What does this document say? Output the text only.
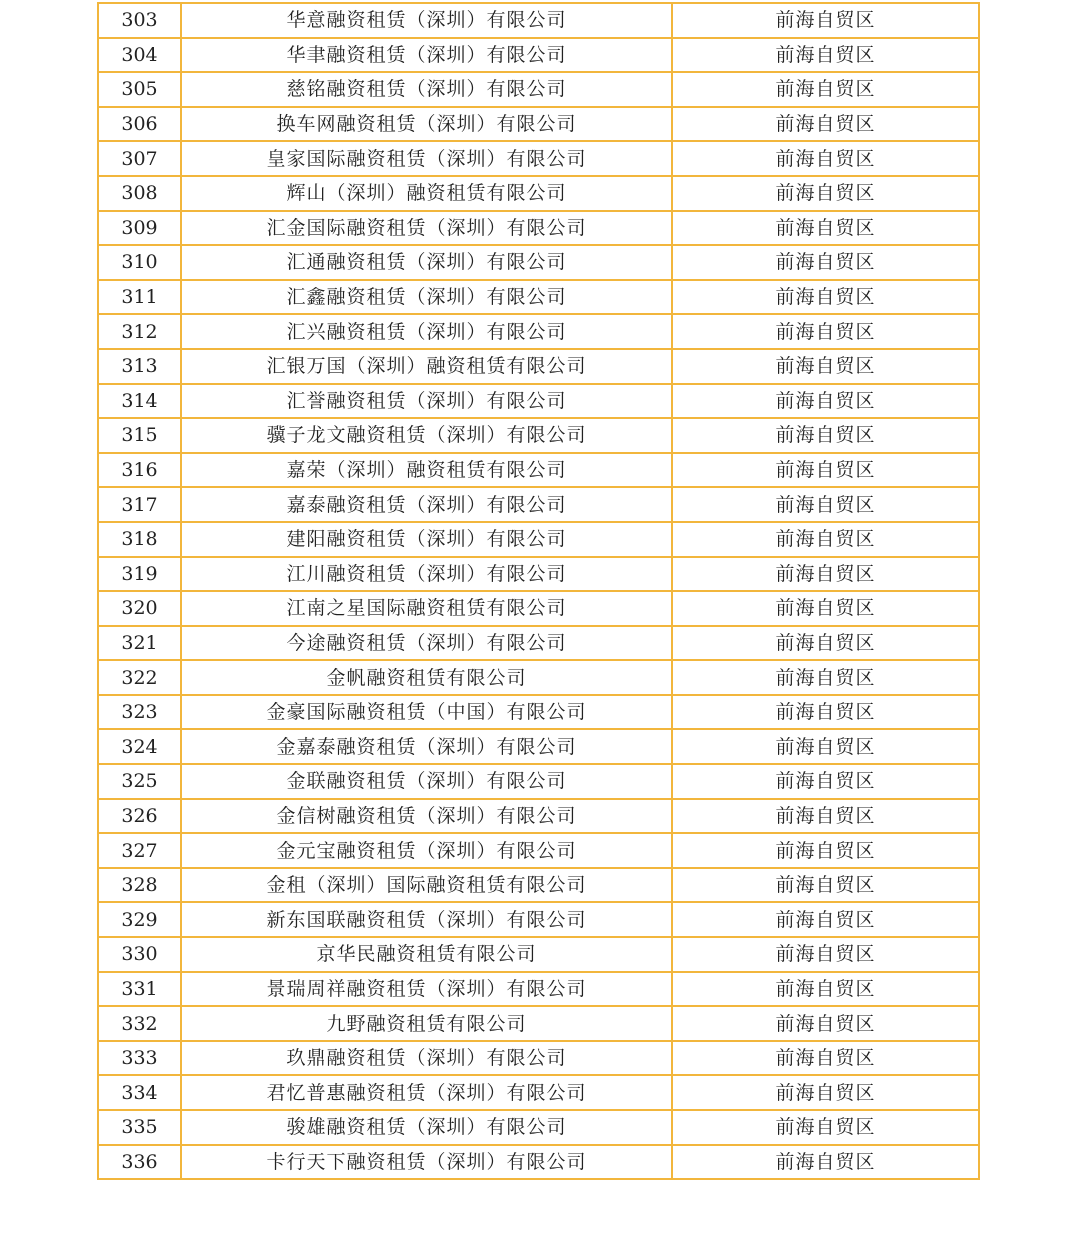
303	华意融资租赁（深圳）有限公司	前海自贸区
304	华聿融资租赁（深圳）有限公司	前海自贸区
305	慈铭融资租赁（深圳）有限公司	前海自贸区
306	换车网融资租赁（深圳）有限公司	前海自贸区
307	皇家国际融资租赁（深圳）有限公司	前海自贸区
308	辉山（深圳）融资租赁有限公司	前海自贸区
309	汇金国际融资租赁（深圳）有限公司	前海自贸区
310	汇通融资租赁（深圳）有限公司	前海自贸区
311	汇鑫融资租赁（深圳）有限公司	前海自贸区
312	汇兴融资租赁（深圳）有限公司	前海自贸区
313	汇银万国（深圳）融资租赁有限公司	前海自贸区
314	汇誉融资租赁（深圳）有限公司	前海自贸区
315	骥子龙文融资租赁（深圳）有限公司	前海自贸区
316	嘉荣（深圳）融资租赁有限公司	前海自贸区
317	嘉泰融资租赁（深圳）有限公司	前海自贸区
318	建阳融资租赁（深圳）有限公司	前海自贸区
319	江川融资租赁（深圳）有限公司	前海自贸区
320	江南之星国际融资租赁有限公司	前海自贸区
321	今途融资租赁（深圳）有限公司	前海自贸区
322	金帆融资租赁有限公司	前海自贸区
323	金豪国际融资租赁（中国）有限公司	前海自贸区
324	金嘉泰融资租赁（深圳）有限公司	前海自贸区
325	金联融资租赁（深圳）有限公司	前海自贸区
326	金信树融资租赁（深圳）有限公司	前海自贸区
327	金元宝融资租赁（深圳）有限公司	前海自贸区
328	金租（深圳）国际融资租赁有限公司	前海自贸区
329	新东国联融资租赁（深圳）有限公司	前海自贸区
330	京华民融资租赁有限公司	前海自贸区
331	景瑞周祥融资租赁（深圳）有限公司	前海自贸区
332	九野融资租赁有限公司	前海自贸区
333	玖鼎融资租赁（深圳）有限公司	前海自贸区
334	君忆普惠融资租赁（深圳）有限公司	前海自贸区
335	骏雄融资租赁（深圳）有限公司	前海自贸区
336	卡行天下融资租赁（深圳）有限公司	前海自贸区
